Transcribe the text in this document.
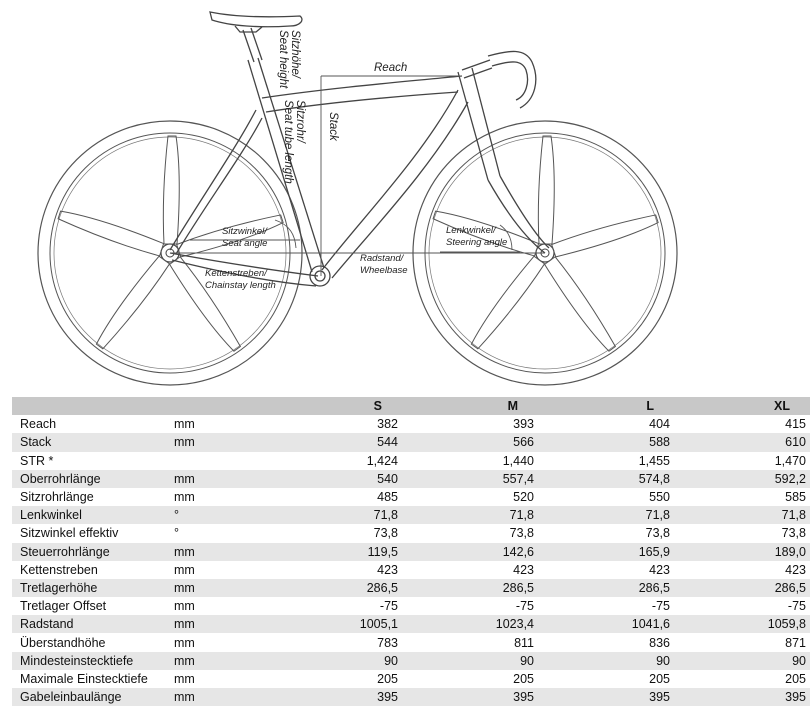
Sitzhöhe/
Seat height
Sitzrohr/
Seat tube length	Stack
Reach
Sitzwinkel/
Seat angle
Lenkwinkel/
Steering angle
Kettenstreben/
Chainstay length
Radstand/
Wheelbase
		S	M	L	XL
Reach	mm	382	393	404	415
Stack	mm	544	566	588	610
STR *		1,424	1,440	1,455	1,470
Oberrohrlänge	mm	540	557,4	574,8	592,2
Sitzrohrlänge	mm	485	520	550	585
Lenkwinkel	°	71,8	71,8	71,8	71,8
Sitzwinkel effektiv	°	73,8	73,8	73,8	73,8
Steuerrohrlänge	mm	119,5	142,6	165,9	189,0
Kettenstreben	mm	423	423	423	423
Tretlagerhöhe	mm	286,5	286,5	286,5	286,5
Tretlager Offset	mm	-75	-75	-75	-75
Radstand	mm	1005,1	1023,4	1041,6	1059,8
Überstandhöhe	mm	783	811	836	871
Mindesteinstecktiefe	mm	90	90	90	90
Maximale Einstecktiefe	mm	205	205	205	205
Gabeleinbaulänge	mm	395	395	395	395
